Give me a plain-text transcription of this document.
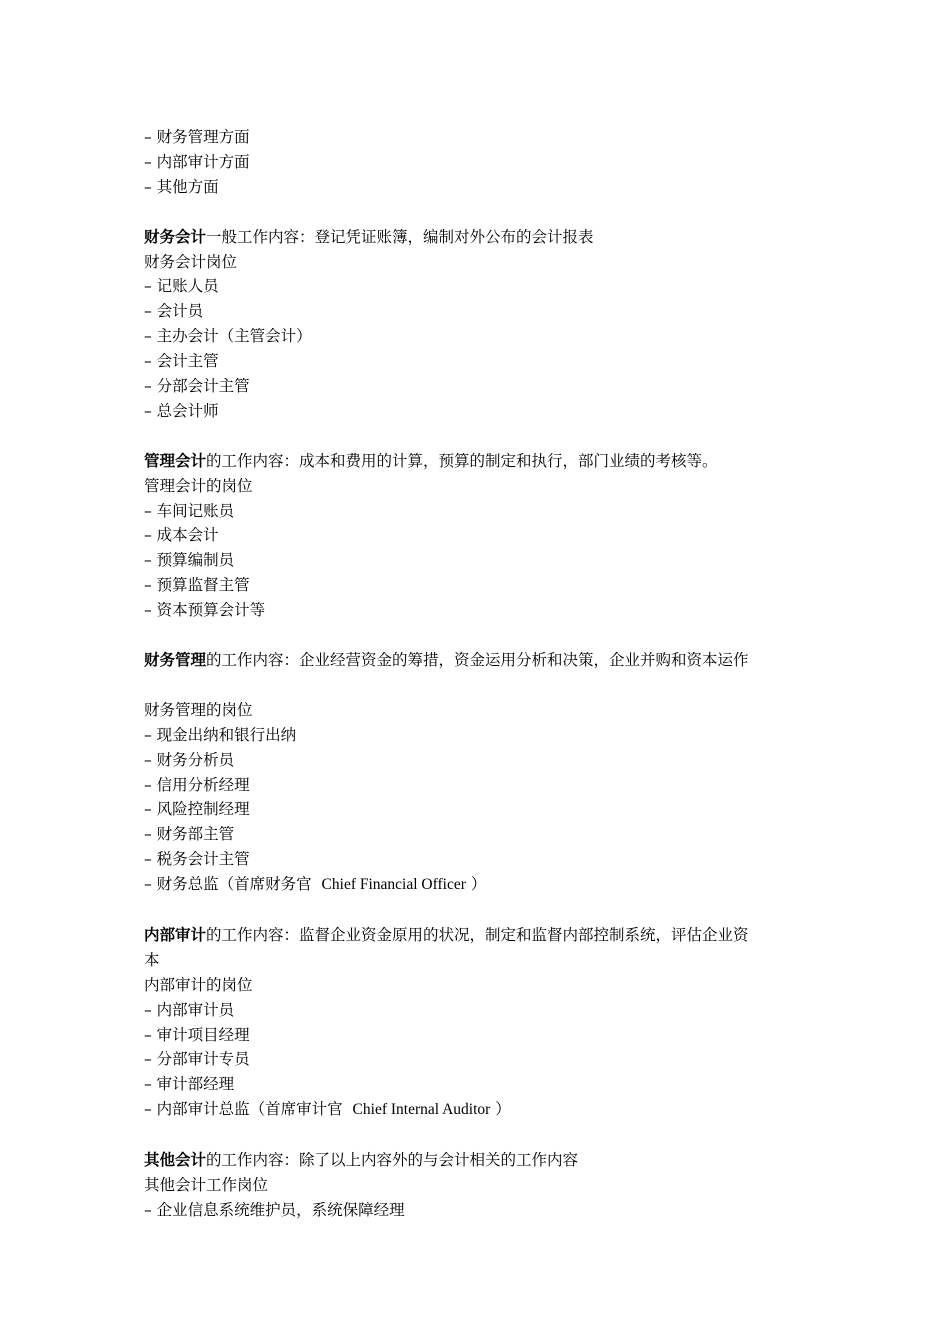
– 财务管理方面
– 内部审计方面
– 其他方面
财务会计一般工作内容：登记凭证账簿，编制对外公布的会计报表
财务会计岗位
– 记账人员
– 会计员
– 主办会计（主管会计）
– 会计主管
– 分部会计主管
– 总会计师
管理会计的工作内容：成本和费用的计算，预算的制定和执行，部门业绩的考核等。
管理会计的岗位
– 车间记账员
– 成本会计
– 预算编制员
– 预算监督主管
– 资本预算会计等
财务管理的工作内容：企业经营资金的筹措，资金运用分析和决策，企业并购和资本运作
财务管理的岗位
– 现金出纳和银行出纳
– 财务分析员
– 信用分析经理
– 风险控制经理
– 财务部主管
– 税务会计主管
– 财务总监（首席财务官  Chief Financial Officer ）
内部审计的工作内容：监督企业资金原用的状况，制定和监督内部控制系统，评估企业资
本
内部审计的岗位
– 内部审计员
– 审计项目经理
– 分部审计专员
– 审计部经理
– 内部审计总监（首席审计官  Chief Internal Auditor ）
其他会计的工作内容：除了以上内容外的与会计相关的工作内容
其他会计工作岗位
– 企业信息系统维护员，系统保障经理
